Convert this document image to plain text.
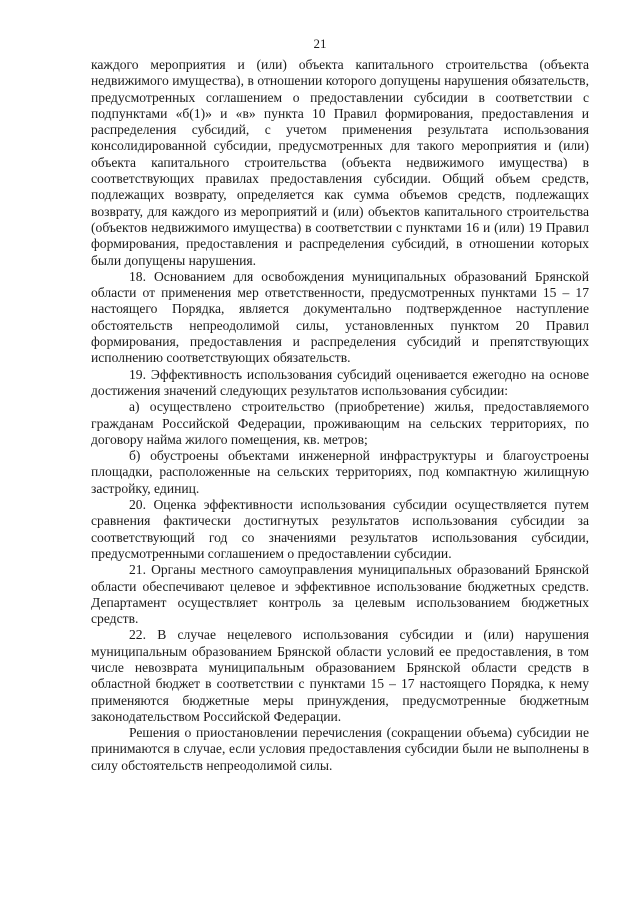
21

каждого мероприятия и (или) объекта капитального строительства (объекта недвижимого имущества), в отношении которого допущены нарушения обязательств, предусмотренных соглашением о предоставлении субсидии в соответствии с подпунктами «б(1)» и «в» пункта 10 Правил формирования, предоставления и распределения субсидий, с учетом применения результата использования консолидированной субсидии, предусмотренных для такого мероприятия и (или) объекта капитального строительства (объекта недвижимого имущества) в соответствующих правилах предоставления субсидии. Общий объем средств, подлежащих возврату, определяется как сумма объемов средств, подлежащих возврату, для каждого из мероприятий и (или) объектов капитального строительства (объектов недвижимого имущества) в соответствии с пунктами 16 и (или) 19 Правил формирования, предоставления и распределения субсидий, в отношении которых были допущены нарушения.

18. Основанием для освобождения муниципальных образований Брянской области от применения мер ответственности, предусмотренных пунктами 15 – 17 настоящего Порядка, является документально подтвержденное наступление обстоятельств непреодолимой силы, установленных пунктом 20 Правил формирования, предоставления и распределения субсидий и препятствующих исполнению соответствующих обязательств.

19. Эффективность использования субсидий оценивается ежегодно на основе достижения значений следующих результатов использования субсидии:

а) осуществлено строительство (приобретение) жилья, предоставляемого гражданам Российской Федерации, проживающим на сельских территориях, по договору найма жилого помещения, кв. метров;

б) обустроены объектами инженерной инфраструктуры и благоустроены площадки, расположенные на сельских территориях, под компактную жилищную застройку, единиц.

20. Оценка эффективности использования субсидии осуществляется путем сравнения фактически достигнутых результатов использования субсидии за соответствующий год со значениями результатов использования субсидии, предусмотренными соглашением о предоставлении субсидии.

21. Органы местного самоуправления муниципальных образований Брянской области обеспечивают целевое и эффективное использование бюджетных средств. Департамент осуществляет контроль за целевым использованием бюджетных средств.

22. В случае нецелевого использования субсидии и (или) нарушения муниципальным образованием Брянской области условий ее предоставления, в том числе невозврата муниципальным образованием Брянской области средств в областной бюджет в соответствии с пунктами 15 – 17 настоящего Порядка, к нему применяются бюджетные меры принуждения, предусмотренные бюджетным законодательством Российской Федерации.

Решения о приостановлении перечисления (сокращении объема) субсидии не принимаются в случае, если условия предоставления субсидии были не выполнены в силу обстоятельств непреодолимой силы.
